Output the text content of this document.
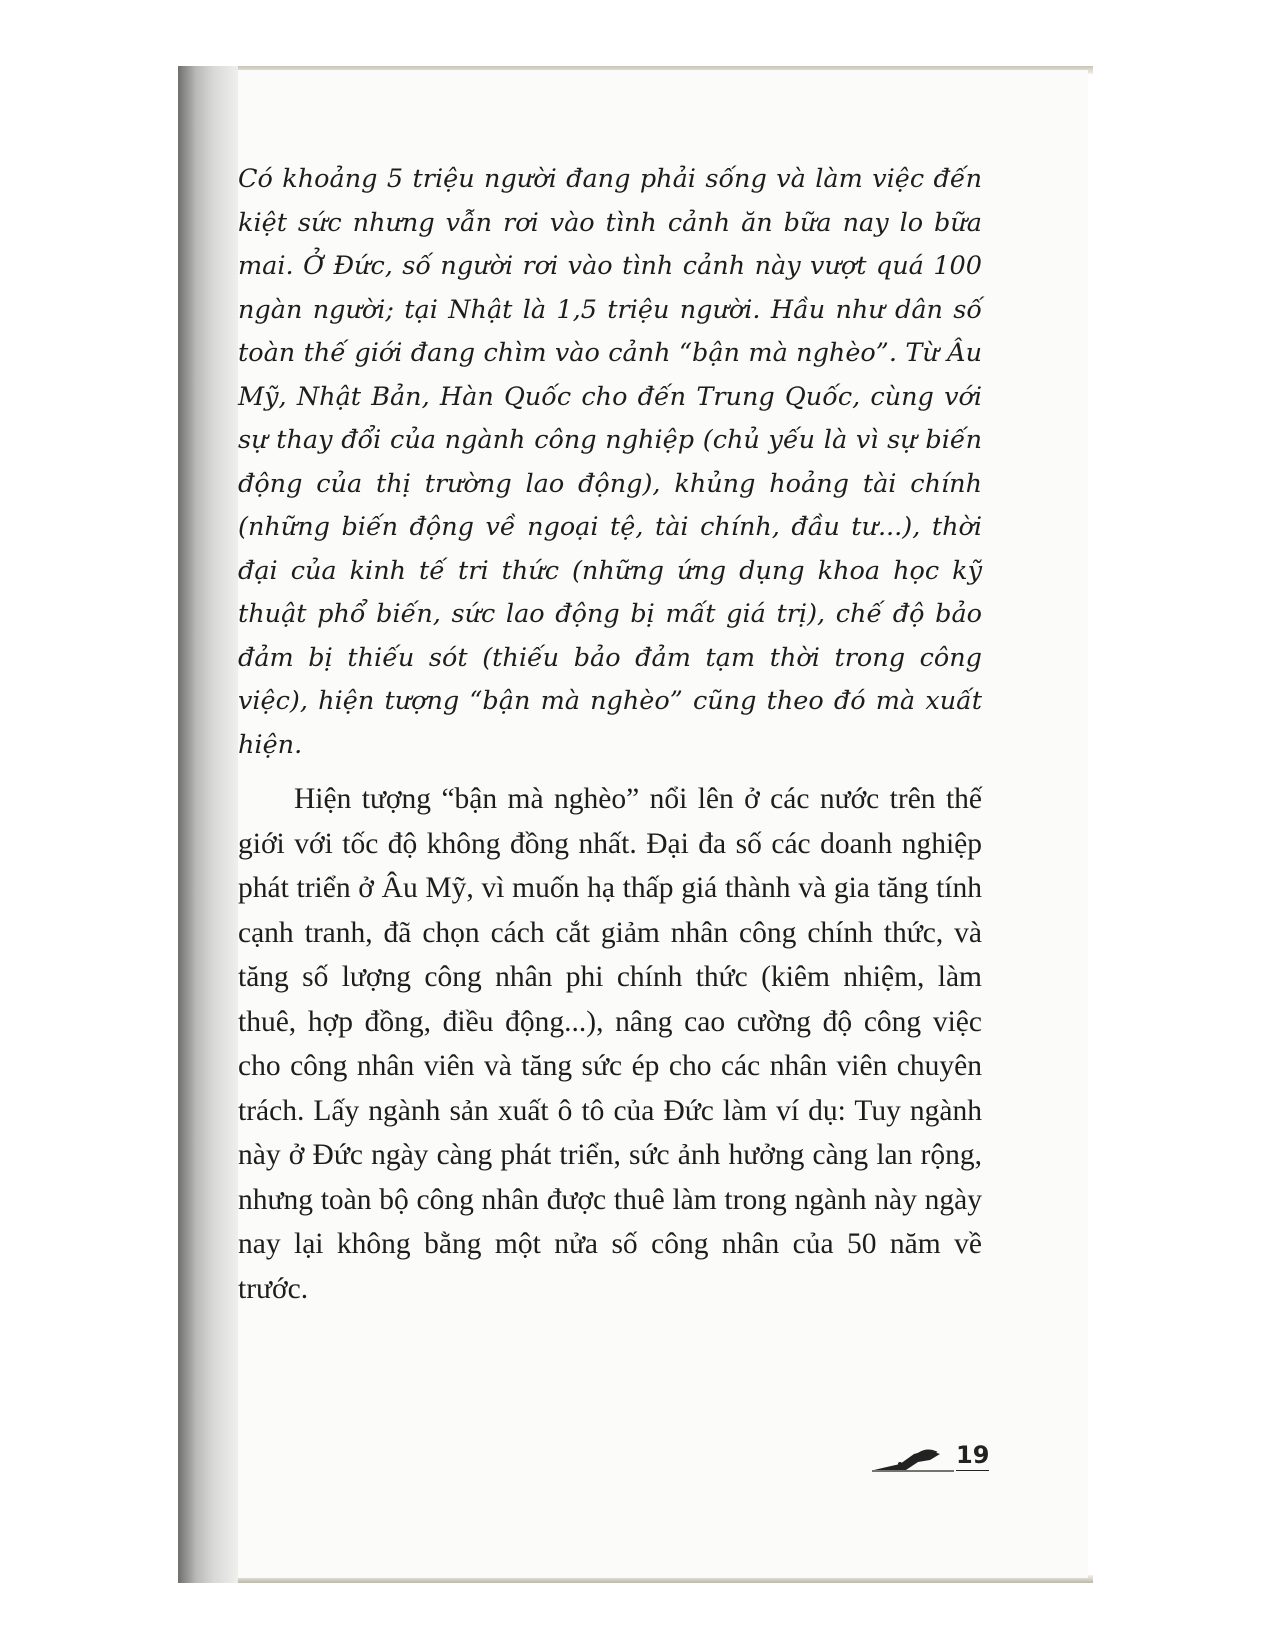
Có khoảng 5 triệu người đang phải sống và làm việc đến kiệt sức nhưng vẫn rơi vào tình cảnh ăn bữa nay lo bữa mai. Ở Đức, số người rơi vào tình cảnh này vượt quá 100 ngàn người; tại Nhật là 1,5 triệu người. Hầu như dân số toàn thế giới đang chìm vào cảnh “bận mà nghèo”. Từ Âu Mỹ, Nhật Bản, Hàn Quốc cho đến Trung Quốc, cùng với sự thay đổi của ngành công nghiệp (chủ yếu là vì sự biến động của thị trường lao động), khủng hoảng tài chính (những biến động về ngoại tệ, tài chính, đầu tư...), thời đại của kinh tế tri thức (những ứng dụng khoa học kỹ thuật phổ biến, sức lao động bị mất giá trị), chế độ bảo đảm bị thiếu sót (thiếu bảo đảm tạm thời trong công việc), hiện tượng “bận mà nghèo” cũng theo đó mà xuất hiện.

Hiện tượng “bận mà nghèo” nổi lên ở các nước trên thế giới với tốc độ không đồng nhất. Đại đa số các doanh nghiệp phát triển ở Âu Mỹ, vì muốn hạ thấp giá thành và gia tăng tính cạnh tranh, đã chọn cách cắt giảm nhân công chính thức, và tăng số lượng công nhân phi chính thức (kiêm nhiệm, làm thuê, hợp đồng, điều động...), nâng cao cường độ công việc cho công nhân viên và tăng sức ép cho các nhân viên chuyên trách. Lấy ngành sản xuất ô tô của Đức làm ví dụ: Tuy ngành này ở Đức ngày càng phát triển, sức ảnh hưởng càng lan rộng, nhưng toàn bộ công nhân được thuê làm trong ngành này ngày nay lại không bằng một nửa số công nhân của 50 năm về trước.

19
